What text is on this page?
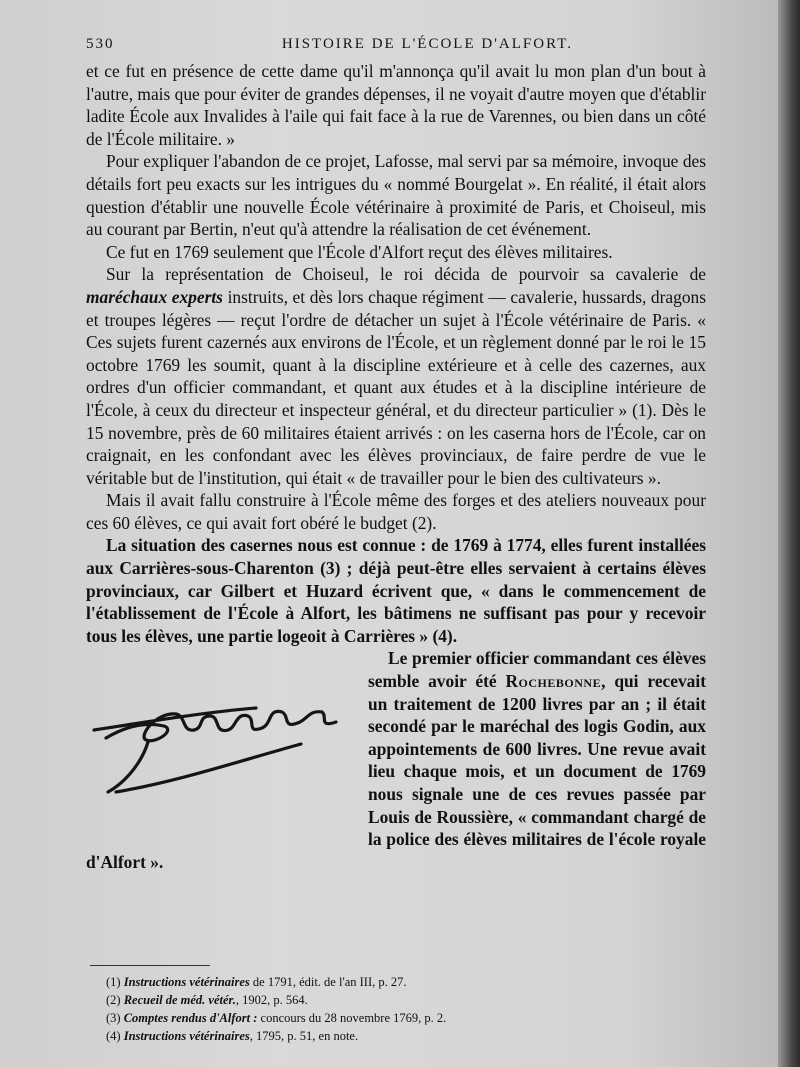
530	HISTOIRE DE L'ÉCOLE D'ALFORT.

et ce fut en présence de cette dame qu'il m'annonça qu'il avait lu mon plan d'un bout à l'autre, mais que pour éviter de grandes dépenses, il ne voyait d'autre moyen que d'établir ladite École aux Invalides à l'aile qui fait face à la rue de Varennes, ou bien dans un côté de l'École militaire. »

Pour expliquer l'abandon de ce projet, Lafosse, mal servi par sa mémoire, invoque des détails fort peu exacts sur les intrigues du « nommé Bourgelat ». En réalité, il était alors question d'établir une nouvelle École vétérinaire à proximité de Paris, et Choiseul, mis au courant par Bertin, n'eut qu'à attendre la réalisation de cet événement.

Ce fut en 1769 seulement que l'École d'Alfort reçut des élèves militaires.

Sur la représentation de Choiseul, le roi décida de pourvoir sa cavalerie de maréchaux experts instruits, et dès lors chaque régiment — cavalerie, hussards, dragons et troupes légères — reçut l'ordre de détacher un sujet à l'École vétérinaire de Paris. « Ces sujets furent cazernés aux environs de l'École, et un règlement donné par le roi le 15 octobre 1769 les soumit, quant à la discipline extérieure et à celle des cazernes, aux ordres d'un officier commandant, et quant aux études et à la discipline intérieure de l'École, à ceux du directeur et inspecteur général, et du directeur particulier » (1). Dès le 15 novembre, près de 60 militaires étaient arrivés : on les caserna hors de l'École, car on craignait, en les confondant avec les élèves provinciaux, de faire perdre de vue le véritable but de l'institution, qui était « de travailler pour le bien des cultivateurs ».

Mais il avait fallu construire à l'École même des forges et des ateliers nouveaux pour ces 60 élèves, ce qui avait fort obéré le budget (2).

La situation des casernes nous est connue : de 1769 à 1774, elles furent installées aux Carrières-sous-Charenton (3) ; déjà peut-être elles servaient à certains élèves provinciaux, car Gilbert et Huzard écrivent que, « dans le commencement de l'établissement de l'École à Alfort, les bâtimens ne suffisant pas pour y recevoir tous les élèves, une partie logeoit à Carrières » (4).

Le premier officier commandant ces élèves semble avoir été Rochebonne, qui recevait un traitement de 1200 livres par an ; il était secondé par le maréchal des logis Godin, aux appointements de 600 livres. Une revue avait lieu chaque mois, et un document de 1769 nous signale une de ces revues passée par Louis de Roussière, « commandant chargé de la police des élèves militaires de l'école royale d'Alfort ».

(1) Instructions vétérinaires de 1791, édit. de l'an III, p. 27.
(2) Recueil de méd. vétér., 1902, p. 564.
(3) Comptes rendus d'Alfort : concours du 28 novembre 1769, p. 2.
(4) Instructions vétérinaires, 1795, p. 51, en note.
